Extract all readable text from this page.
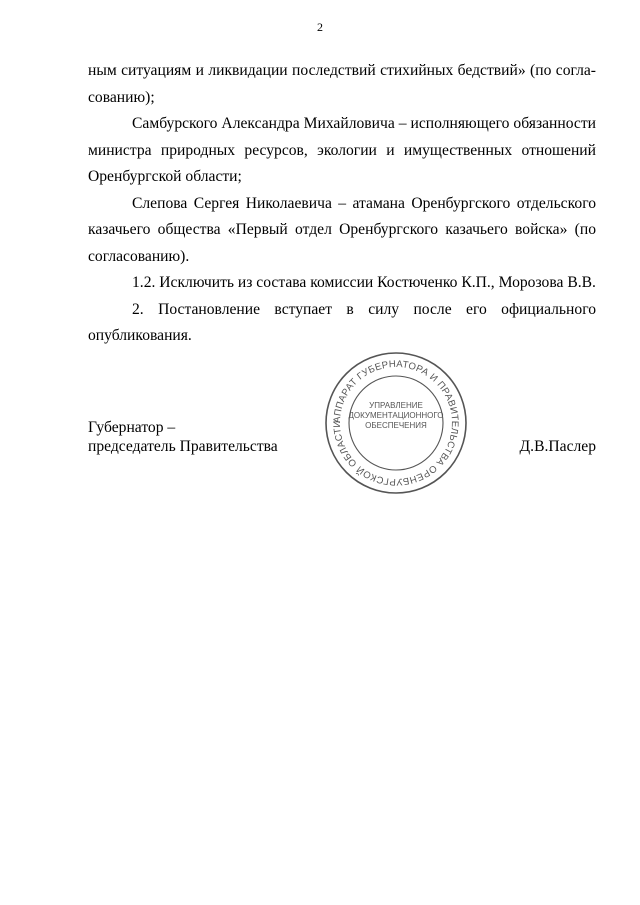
2

ным ситуациям и ликвидации последствий стихийных бедствий» (по согласованию);

Самбурского Александра Михайловича – исполняющего обязанности министра природных ресурсов, экологии и имущественных отношений Оренбургской области;

Слепова Сергея Николаевича – атамана Оренбургского отдельского казачьего общества «Первый отдел Оренбургского казачьего войска» (по согласованию).

1.2. Исключить из состава комиссии Костюченко К.П., Морозова В.В.

2. Постановление вступает в силу после его официального опубликования.

Губернатор –
председатель Правительства	Д.В.Паслер
АППАРАТ ГУБЕРНАТОРА И ПРАВИТЕЛЬСТВА ОРЕНБУРГСКОЙ ОБЛАСТИ
УПРАВЛЕНИЕ
ДОКУМЕНТАЦИОННОГО
ОБЕСПЕЧЕНИЯ
